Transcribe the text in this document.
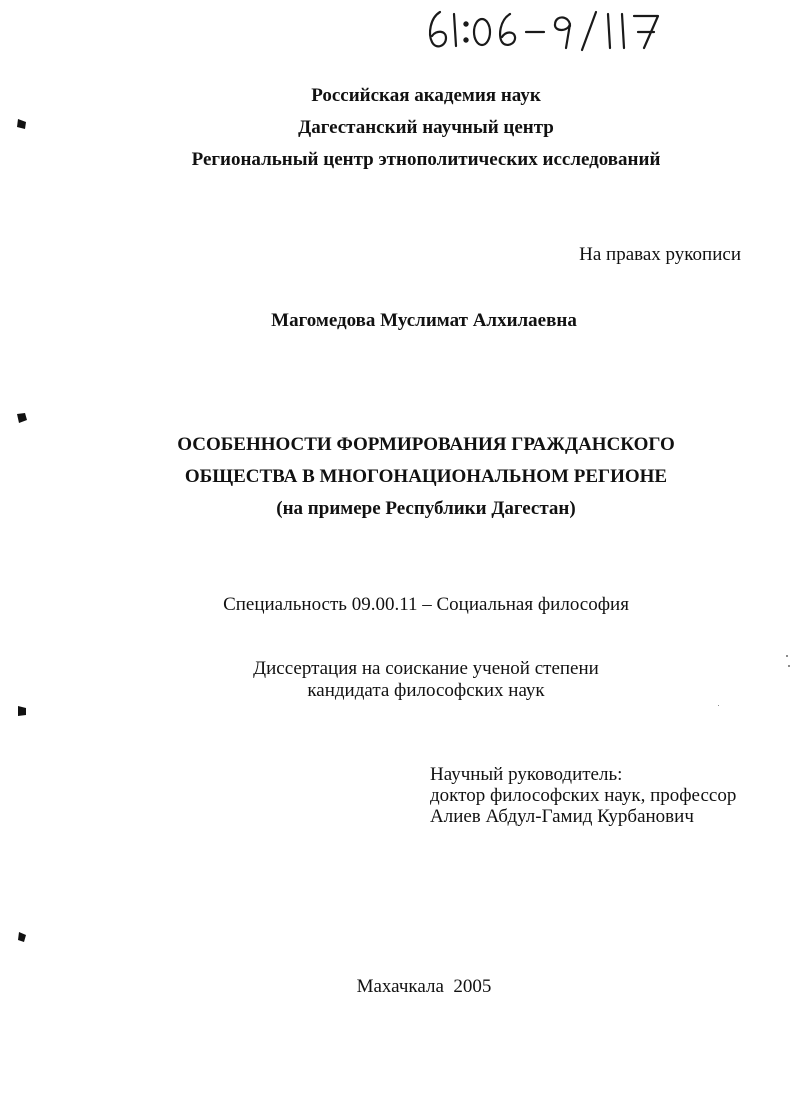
Российская академия наук
Дагестанский научный центр
Региональный центр этнополитических исследований
На правах рукописи
Магомедова Муслимат Алхилаевна
ОСОБЕННОСТИ ФОРМИРОВАНИЯ ГРАЖДАНСКОГО
ОБЩЕСТВА В МНОГОНАЦИОНАЛЬНОМ РЕГИОНЕ
(на примере Республики Дагестан)
Специальность 09.00.11 – Социальная философия
Диссертация на соискание ученой степени
кандидата философских наук
Научный руководитель:
доктор философских наук, профессор
Алиев Абдул-Гамид Курбанович
Махачкала  2005
